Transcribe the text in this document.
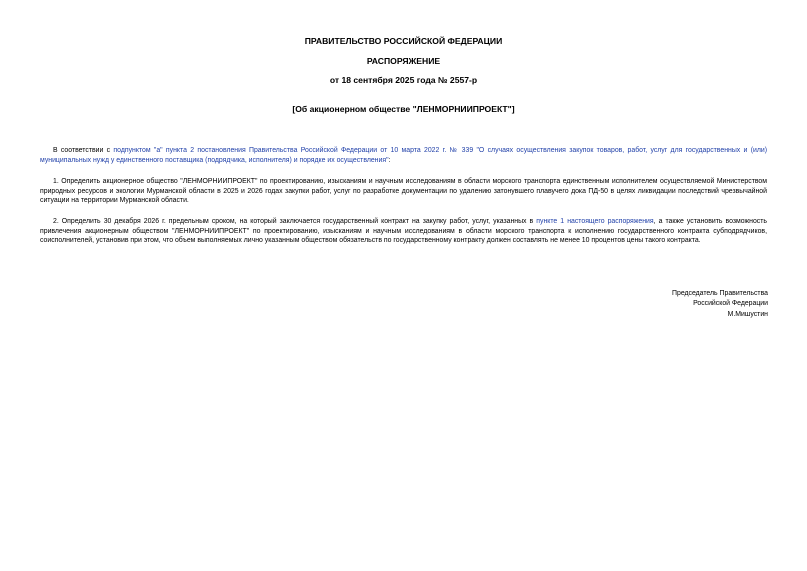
ПРАВИТЕЛЬСТВО РОССИЙСКОЙ ФЕДЕРАЦИИ
РАСПОРЯЖЕНИЕ
от 18 сентября 2025 года № 2557-р
[Об акционерном обществе "ЛЕНМОРНИИПРОЕКТ"]

В соответствии с подпунктом "а" пункта 2 постановления Правительства Российской Федерации от 10 марта 2022 г. № 339 "О случаях осуществления закупок товаров, работ, услуг для государственных и (или) муниципальных нужд у единственного поставщика (подрядчика, исполнителя) и порядке их осуществления":

1. Определить акционерное общество "ЛЕНМОРНИИПРОЕКТ" по проектированию, изысканиям и научным исследованиям в области морского транспорта единственным исполнителем осуществляемой Министерством природных ресурсов и экологии Мурманской области в 2025 и 2026 годах закупки работ, услуг по разработке документации по удалению затонувшего плавучего дока ПД-50 в целях ликвидации последствий чрезвычайной ситуации на территории Мурманской области.

2. Определить 30 декабря 2026 г. предельным сроком, на который заключается государственный контракт на закупку работ, услуг, указанных в пункте 1 настоящего распоряжения, а также установить возможность привлечения акционерным обществом "ЛЕНМОРНИИПРОЕКТ" по проектированию, изысканиям и научным исследованиям в области морского транспорта к исполнению государственного контракта субподрядчиков, соисполнителей, установив при этом, что объем выполняемых лично указанным обществом обязательств по государственному контракту должен составлять не менее 10 процентов цены такого контракта.

Председатель Правительства
Российской Федерации
М.Мишустин
